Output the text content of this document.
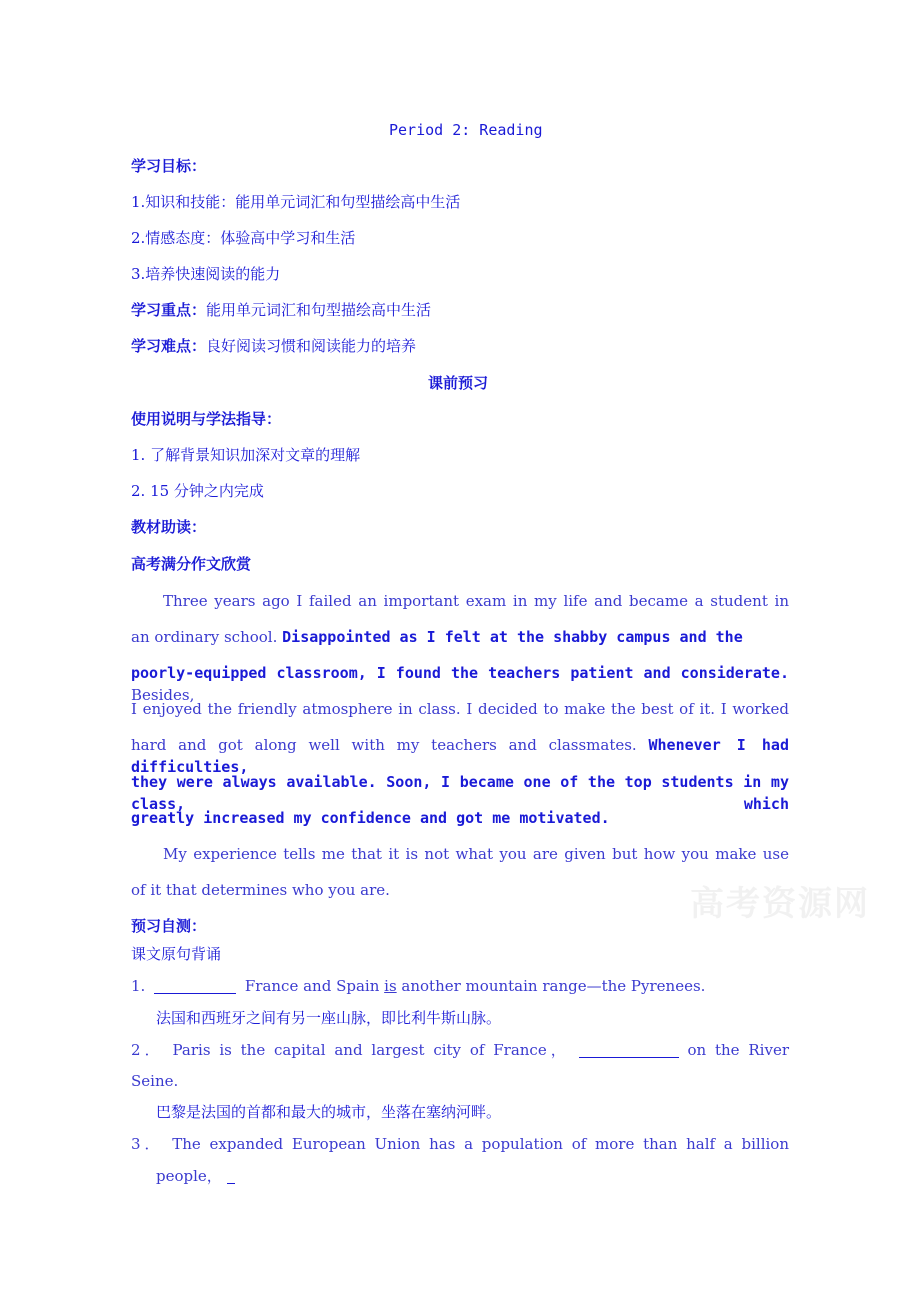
高考资源网
Period 2: Reading
学习目标：
1.知识和技能：能用单元词汇和句型描绘高中生活
2.情感态度：体验高中学习和生活
3.培养快速阅读的能力
学习重点：能用单元词汇和句型描绘高中生活
学习难点：良好阅读习惯和阅读能力的培养
课前预习
使用说明与学法指导：
1. 了解背景知识加深对文章的理解
2. 15 分钟之内完成
教材助读：
高考满分作文欣赏
Three years ago I failed an important exam in my life and became a student in
an ordinary school. Disappointed as I felt at the shabby campus and the
poorly-equipped classroom, I found the teachers patient and considerate. Besides,
I enjoyed the friendly atmosphere in class. I decided to make the best of it. I worked
hard and got along well with my teachers and classmates. Whenever I had difficulties,
they were always available. Soon, I became one of the top students in my class, which
greatly increased my confidence and got me motivated.
My experience tells me that it is not what you are given but how you make use
of it that determines who you are.
预习自测：
课文原句背诵
1.	France and Spain is another mountain range—the Pyrenees.
法国和西班牙之间有另一座山脉，即比利牛斯山脉。
2． Paris is the capital and largest city of France，	on the River
Seine.
巴黎是法国的首都和最大的城市，坐落在塞纳河畔。
3． The expanded European Union has a population of more than half a billion
people，
